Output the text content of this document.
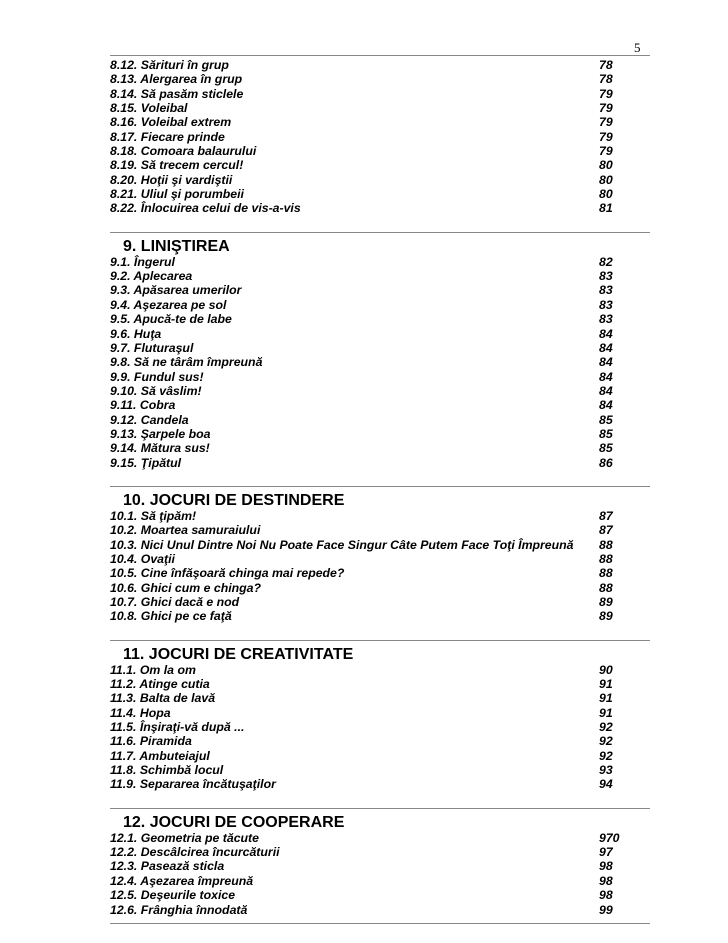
5
8.12. Sărituri în grup	78
8.13. Alergarea în grup	78
8.14. Să pasăm sticlele	79
8.15. Voleibal	79
8.16. Voleibal extrem	79
8.17. Fiecare prinde	79
8.18. Comoara balaurului	79
8.19. Să trecem cercul!	80
8.20. Hoţii şi vardiştii	80
8.21. Uliul şi porumbeii	80
8.22. Înlocuirea celui de vis-a-vis	81
9. LINIŞTIREA
9.1. Îngerul	82
9.2. Aplecarea	83
9.3. Apăsarea umerilor	83
9.4. Aşezarea pe sol	83
9.5. Apucă-te de labe	83
9.6. Huţa	84
9.7. Fluturaşul	84
9.8. Să ne târâm împreună	84
9.9. Fundul sus!	84
9.10. Să vâslim!	84
9.11. Cobra	84
9.12. Candela	85
9.13. Şarpele boa	85
9.14. Mătura sus!	85
9.15. Ţipătul	86
10. JOCURI DE DESTINDERE
10.1. Să ţipăm!	87
10.2. Moartea samuraiului	87
10.3. Nici Unul Dintre Noi Nu Poate Face Singur Câte Putem Face Toţi Împreună 88
10.4. Ovaţii	88
10.5. Cine înfăşoară chinga mai repede?	88
10.6. Ghici cum e chinga?	88
10.7. Ghici dacă e nod	89
10.8. Ghici pe ce faţă	89
11. JOCURI DE CREATIVITATE
11.1. Om la om	90
11.2. Atinge cutia	91
11.3. Balta de lavă	91
11.4. Hopa	91
11.5. Înşiraţi-vă după ...	92
11.6. Piramida	92
11.7. Ambuteiajul	92
11.8. Schimbă locul	93
11.9. Separarea încătuşaţilor	94
12. JOCURI DE COOPERARE
12.1. Geometria pe tăcute	970
12.2. Descâlcirea încurcăturii	97
12.3. Pasează sticla	98
12.4. Aşezarea împreună	98
12.5. Deşeurile toxice	98
12.6. Frânghia înnodată	99
